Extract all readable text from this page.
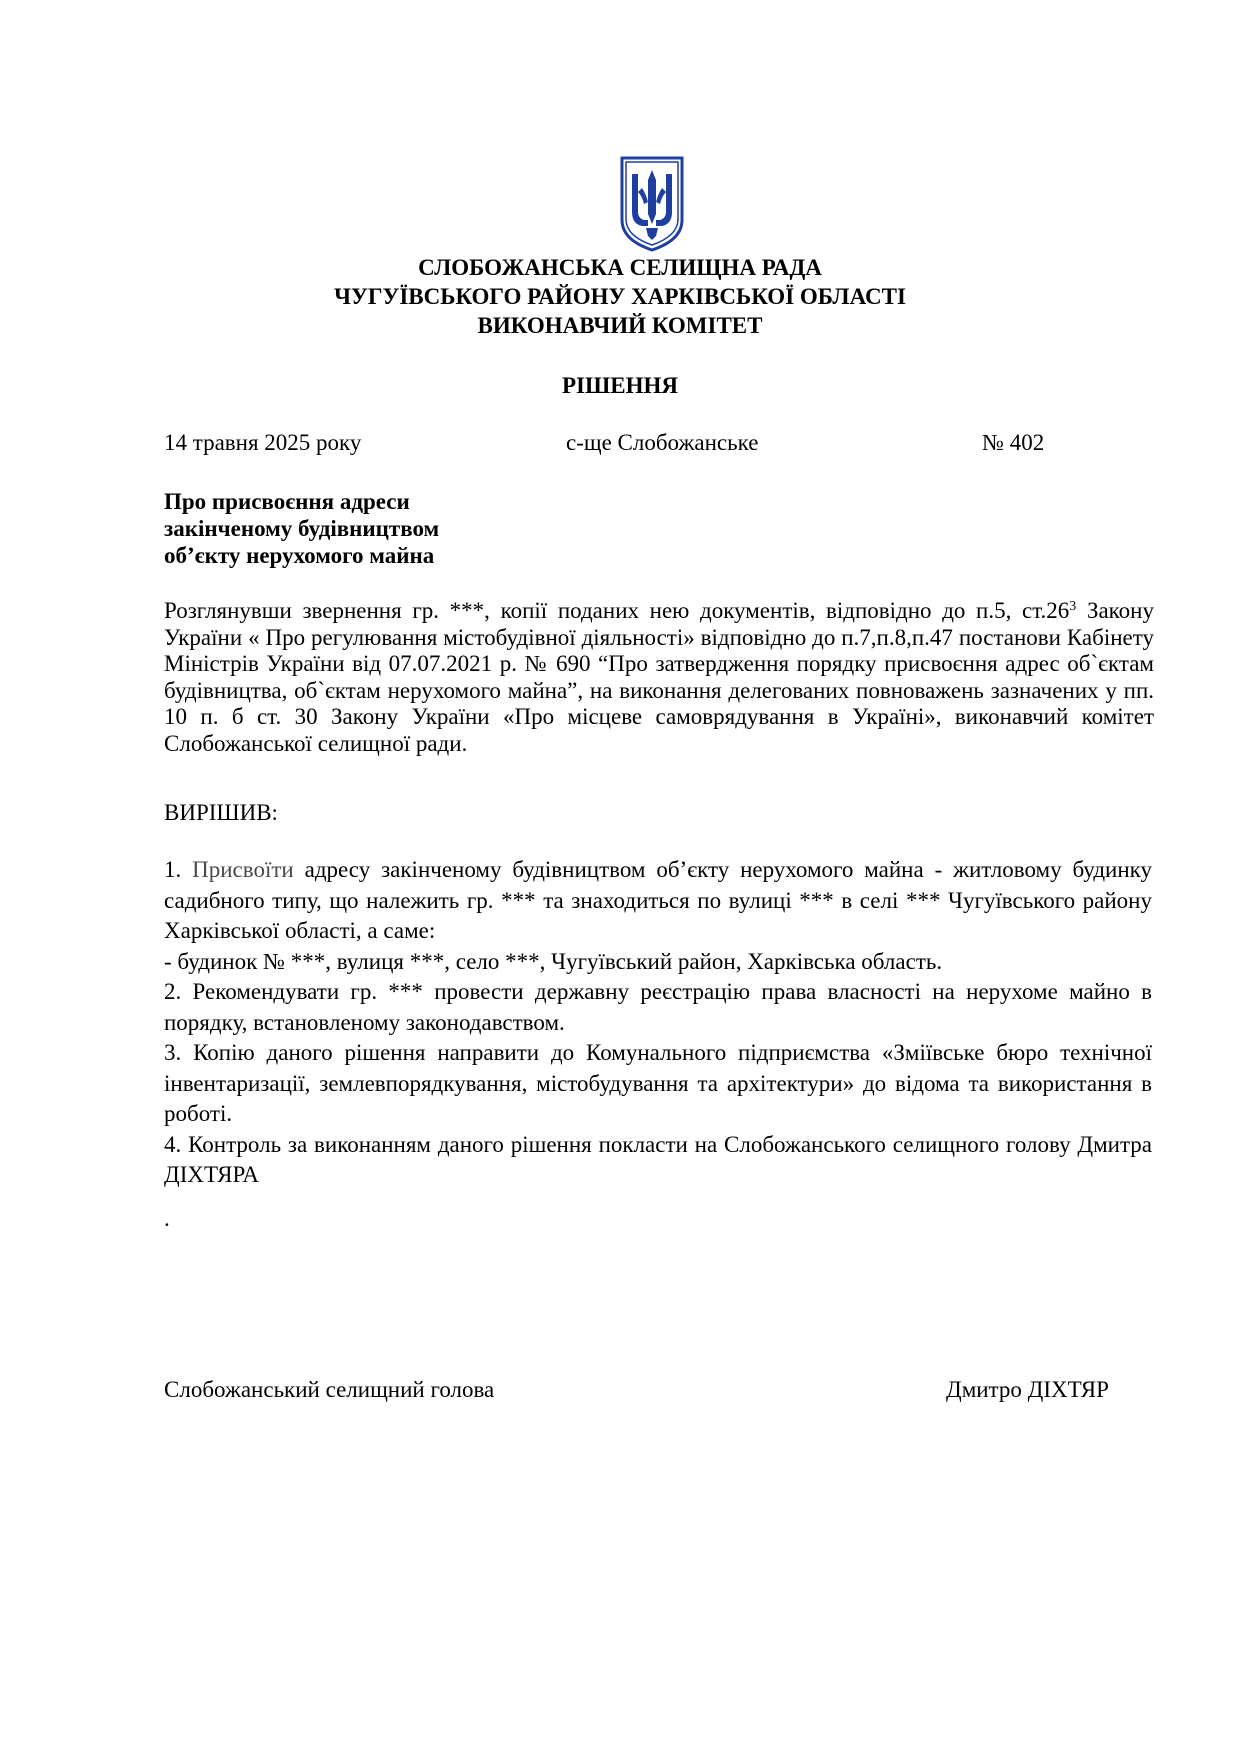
СЛОБОЖАНСЬКА СЕЛИЩНА РАДА
ЧУГУЇВСЬКОГО РАЙОНУ ХАРКІВСЬКОЇ ОБЛАСТІ
ВИКОНАВЧИЙ КОМІТЕТ
РІШЕННЯ
14 травня 2025 року	с-ще Слобожанське	№ 402
Про присвоєння адреси
закінченому будівництвом
об’єкту нерухомого майна
Розглянувши звернення гр. ***, копії поданих нею документів, відповідно до п.5, $ст.26^3$ Закону України « Про регулювання містобудівної діяльності» відповідно до п.7,п.8,п.47 постанови Кабінету Міністрів України від 07.07.2021 р. № 690 “Про затвердження порядку присвоєння адрес об`єктам будівництва, об`єктам нерухомого майна”, на виконання делегованих повноважень зазначених у пп. 10 п. б ст. 30 Закону України «Про місцеве самоврядування в Україні», виконавчий комітет Слобожанської селищної ради.
ВИРІШИВ:

1. Присвоїти адресу закінченому будівництвом об’єкту нерухомого майна - житловому будинку садибного типу, що належить гр. *** та знаходиться по вулиці *** в селі *** Чугуївського району Харківської області, а саме:

- будинок № ***, вулиця ***, село ***, Чугуївський район, Харківська область.

2. Рекомендувати гр. *** провести державну реєстрацію права власності на нерухоме майно в порядку, встановленому законодавством.

3. Копію даного рішення направити до Комунального підприємства «Зміївське бюро технічної інвентаризації, землевпорядкування, містобудування та архітектури» до відома та використання в роботі.

4. Контроль за виконанням даного рішення покласти на Слобожанського селищного голову Дмитра ДІХТЯРА

.
Слобожанський селищний голова	Дмитро ДІХТЯР
